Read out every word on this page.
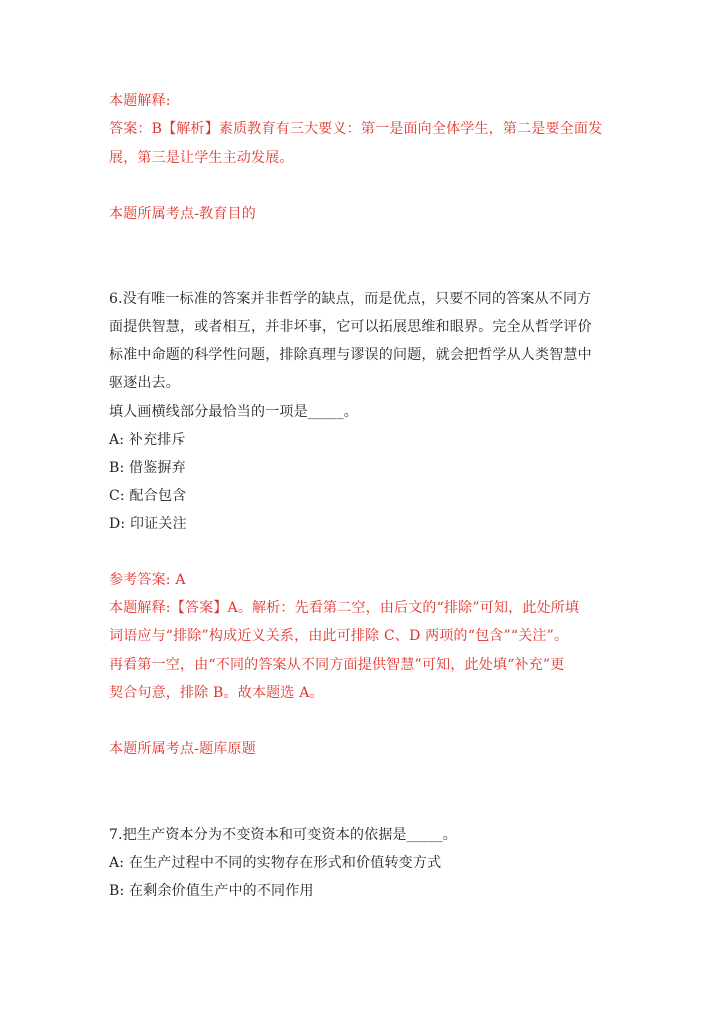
本题解释:
答案：B【解析】素质教育有三大要义：第一是面向全体学生，第二是要全面发
展，第三是让学生主动发展。
本题所属考点-教育目的
6.没有唯一标准的答案并非哲学的缺点，而是优点，只要不同的答案从不同方
面提供智慧，或者相互，并非坏事，它可以拓展思维和眼界。完全从哲学评价
标准中命题的科学性问题，排除真理与谬误的问题，就会把哲学从人类智慧中
驱逐出去。
填人画横线部分最恰当的一项是_____。
A: 补充排斥
B: 借鉴摒弃
C: 配合包含
D: 印证关注
参考答案: A
本题解释:【答案】A。解析：先看第二空，由后文的“排除”可知，此处所填
词语应与“排除”构成近义关系，由此可排除 C、D 两项的“包含”“关注”。
再看第一空，由“不同的答案从不同方面提供智慧”可知，此处填“补充”更
契合句意，排除 B。故本题选 A。
本题所属考点-题库原题
7.把生产资本分为不变资本和可变资本的依据是_____。
A: 在生产过程中不同的实物存在形式和价值转变方式
B: 在剩余价值生产中的不同作用
